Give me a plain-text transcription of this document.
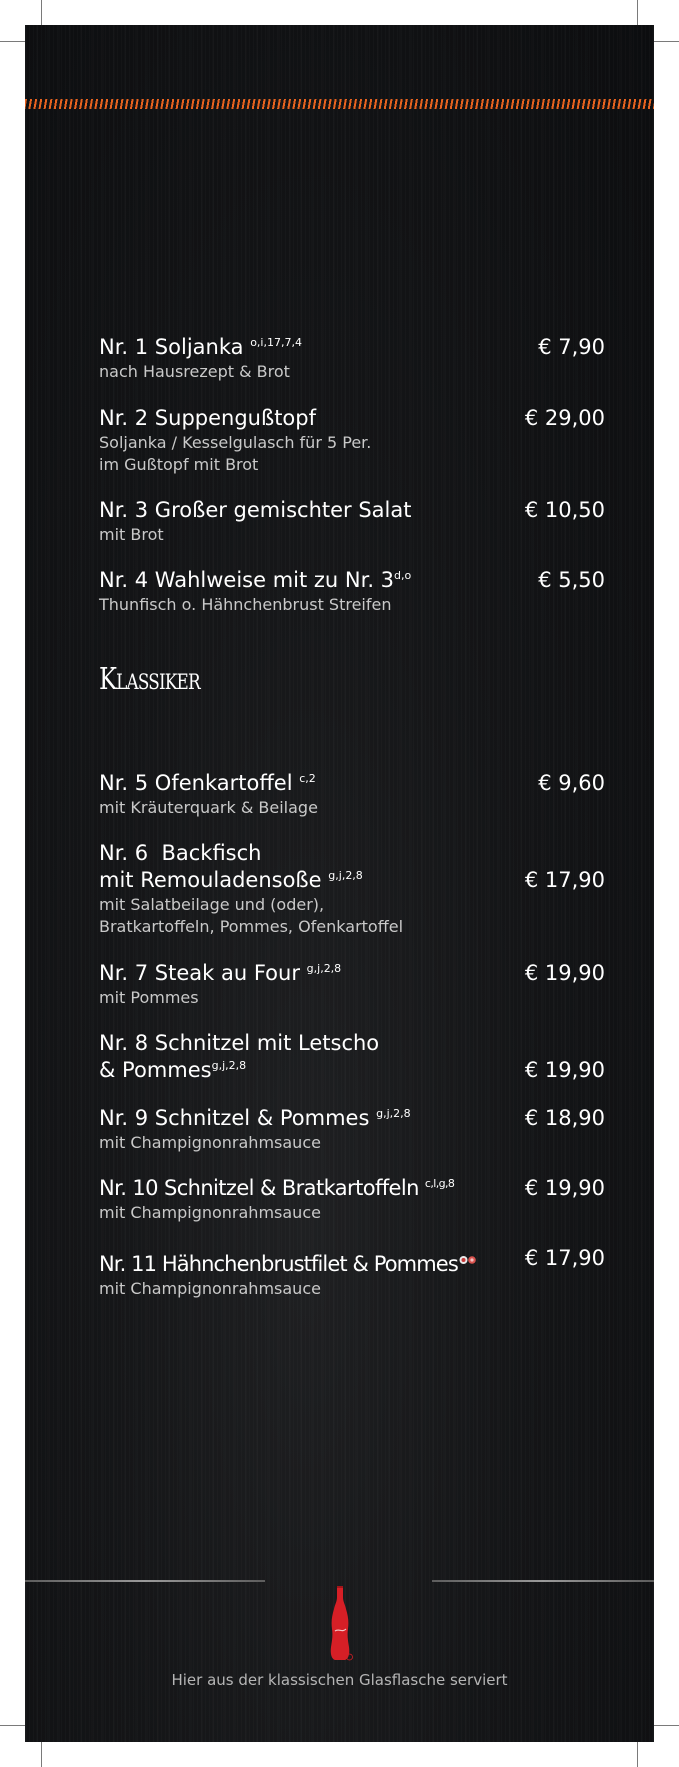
Nr. 1 Soljanka $^{o,i,17,7,4}$
nach Hausrezept & Brot
€ 7,90
Nr. 2 Suppengußtopf
Soljanka / Kesselgulasch für 5 Per.
im Gußtopf mit Brot
€ 29,00
Nr. 3 Großer gemischter Salat
mit Brot
€ 10,50
Nr. 4 Wahlweise mit zu Nr. 3$^{d,o}$
Thunfisch o. Hähnchenbrust Streifen
€ 5,50
Klassiker
Nr. 5 Ofenkartoffel $^{c,2}$
mit Kräuterquark & Beilage
€ 9,60
Nr. 6  Backfisch
mit Remouladensoße $^{g,j,2,8}$
mit Salatbeilage und (oder),
Bratkartoffeln, Pommes, Ofenkartoffel
€ 17,90
Nr. 7 Steak au Four $^{g,j,2,8}$
mit Pommes
€ 19,90
Nr. 8 Schnitzel mit Letscho
& Pommes$^{g,j,2,8}$	€ 19,90
Nr. 9 Schnitzel & Pommes $^{g,j,2,8}$
mit Champignonrahmsauce
€ 18,90
Nr. 10 Schnitzel & Bratkartoffeln $^{c,l,g,8}$
mit Champignonrahmsauce
€ 19,90
Nr. 11 Hähnchenbrustfilet & Pommes
mit Champignonrahmsauce
€ 17,90
Hier aus der klassischen Glasflasche serviert
